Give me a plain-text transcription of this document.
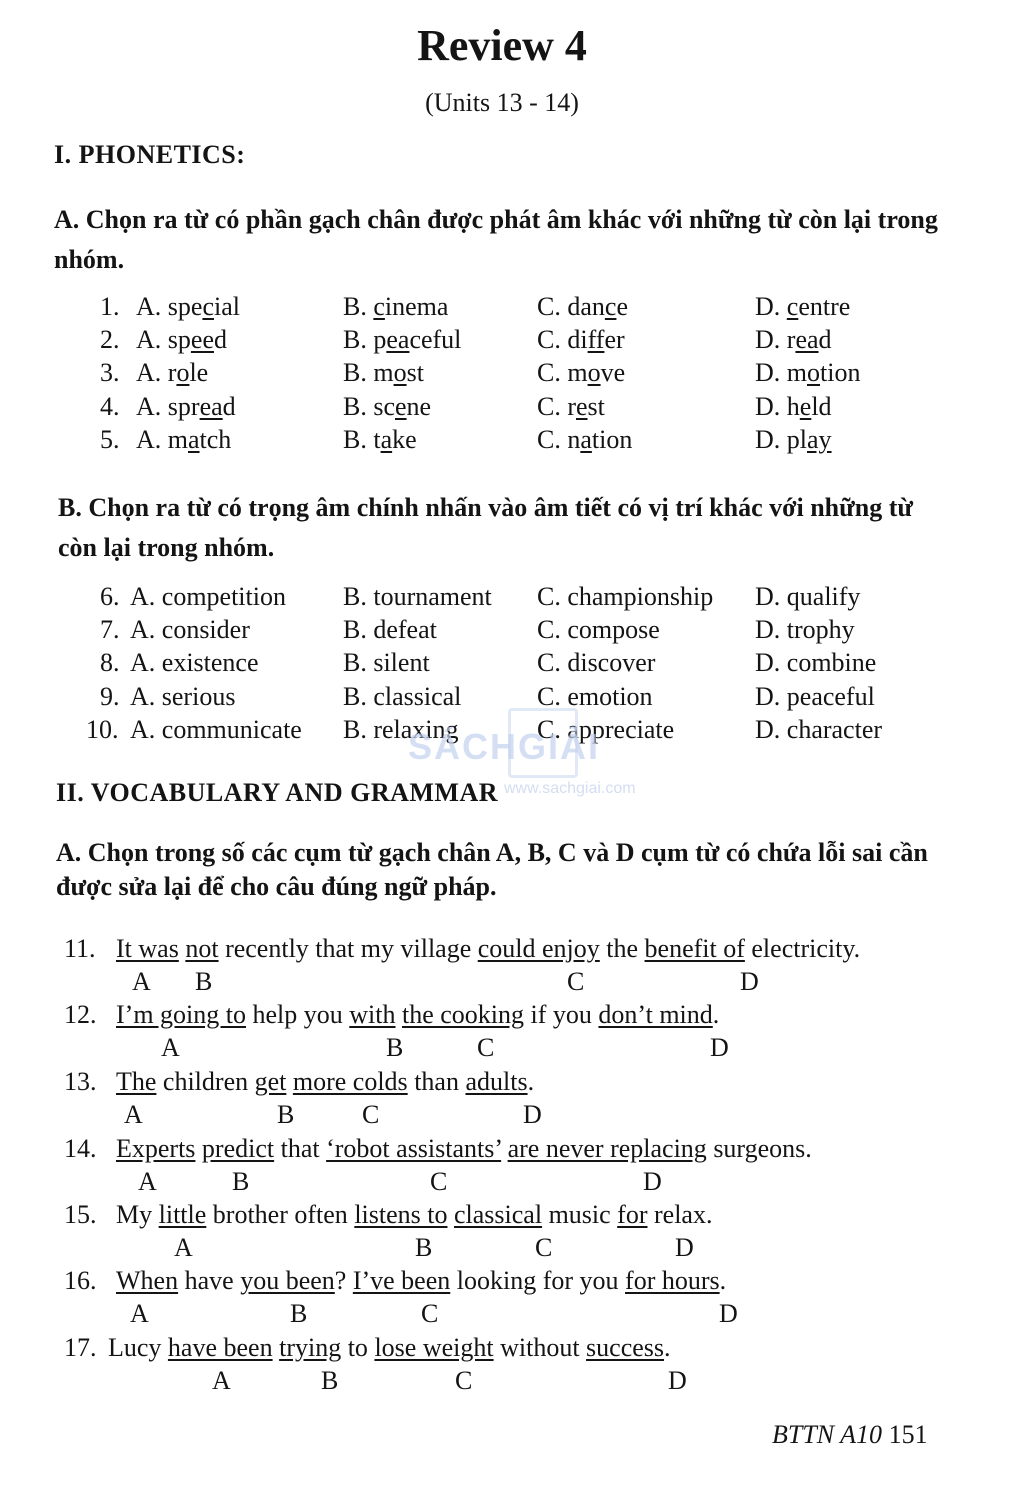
Review 4
(Units 13 - 14)
I. PHONETICS:
A. Chọn ra từ có phần gạch chân được phát âm khác với những từ còn lại trong nhóm.
1. A. special	B. cinema	C. dance	D. centre
2. A. speed	B. peaceful	C. differ	D. read
3. A. role	B. most	C. move	D. motion
4. A. spread	B. scene	C. rest	D. held
5. A. match	B. take	C. nation	D. play
B. Chọn ra từ có trọng âm chính nhấn vào âm tiết có vị trí khác với những từ còn lại trong nhóm.
6. A. competition B. tournament C. championship D. qualify
7. A. consider	B. defeat	C. compose	D. trophy
8. A. existence	B. silent	C. discover	D. combine
9. A. serious	B. classical	C. emotion	D. peaceful
10. A. communicate B. relaxing	C. appreciate	D. character
SÁCHGIẢI
www.sachgiai.com
II. VOCABULARY AND GRAMMAR
A. Chọn trong số các cụm từ gạch chân A, B, C và D cụm từ có chứa lỗi sai cần được sửa lại để cho câu đúng ngữ pháp.
11. It was not recently that my village could enjoy the benefit of electricity.
A B	C	D
12. I’m going to help you with the cooking if you don’t mind.
A	B	C	D
13. The children get more colds than adults.
A	B	C	D
14. Experts predict that ‘robot assistants’ are never replacing surgeons.
A	B	C	D
15. My little brother often listens to classical music for relax.
A	B	C	D
16. When have you been? I’ve been looking for you for hours.
A	B	C	D
17. Lucy have been trying to lose weight without success.
A	B	C	D
BTTN A10 151
